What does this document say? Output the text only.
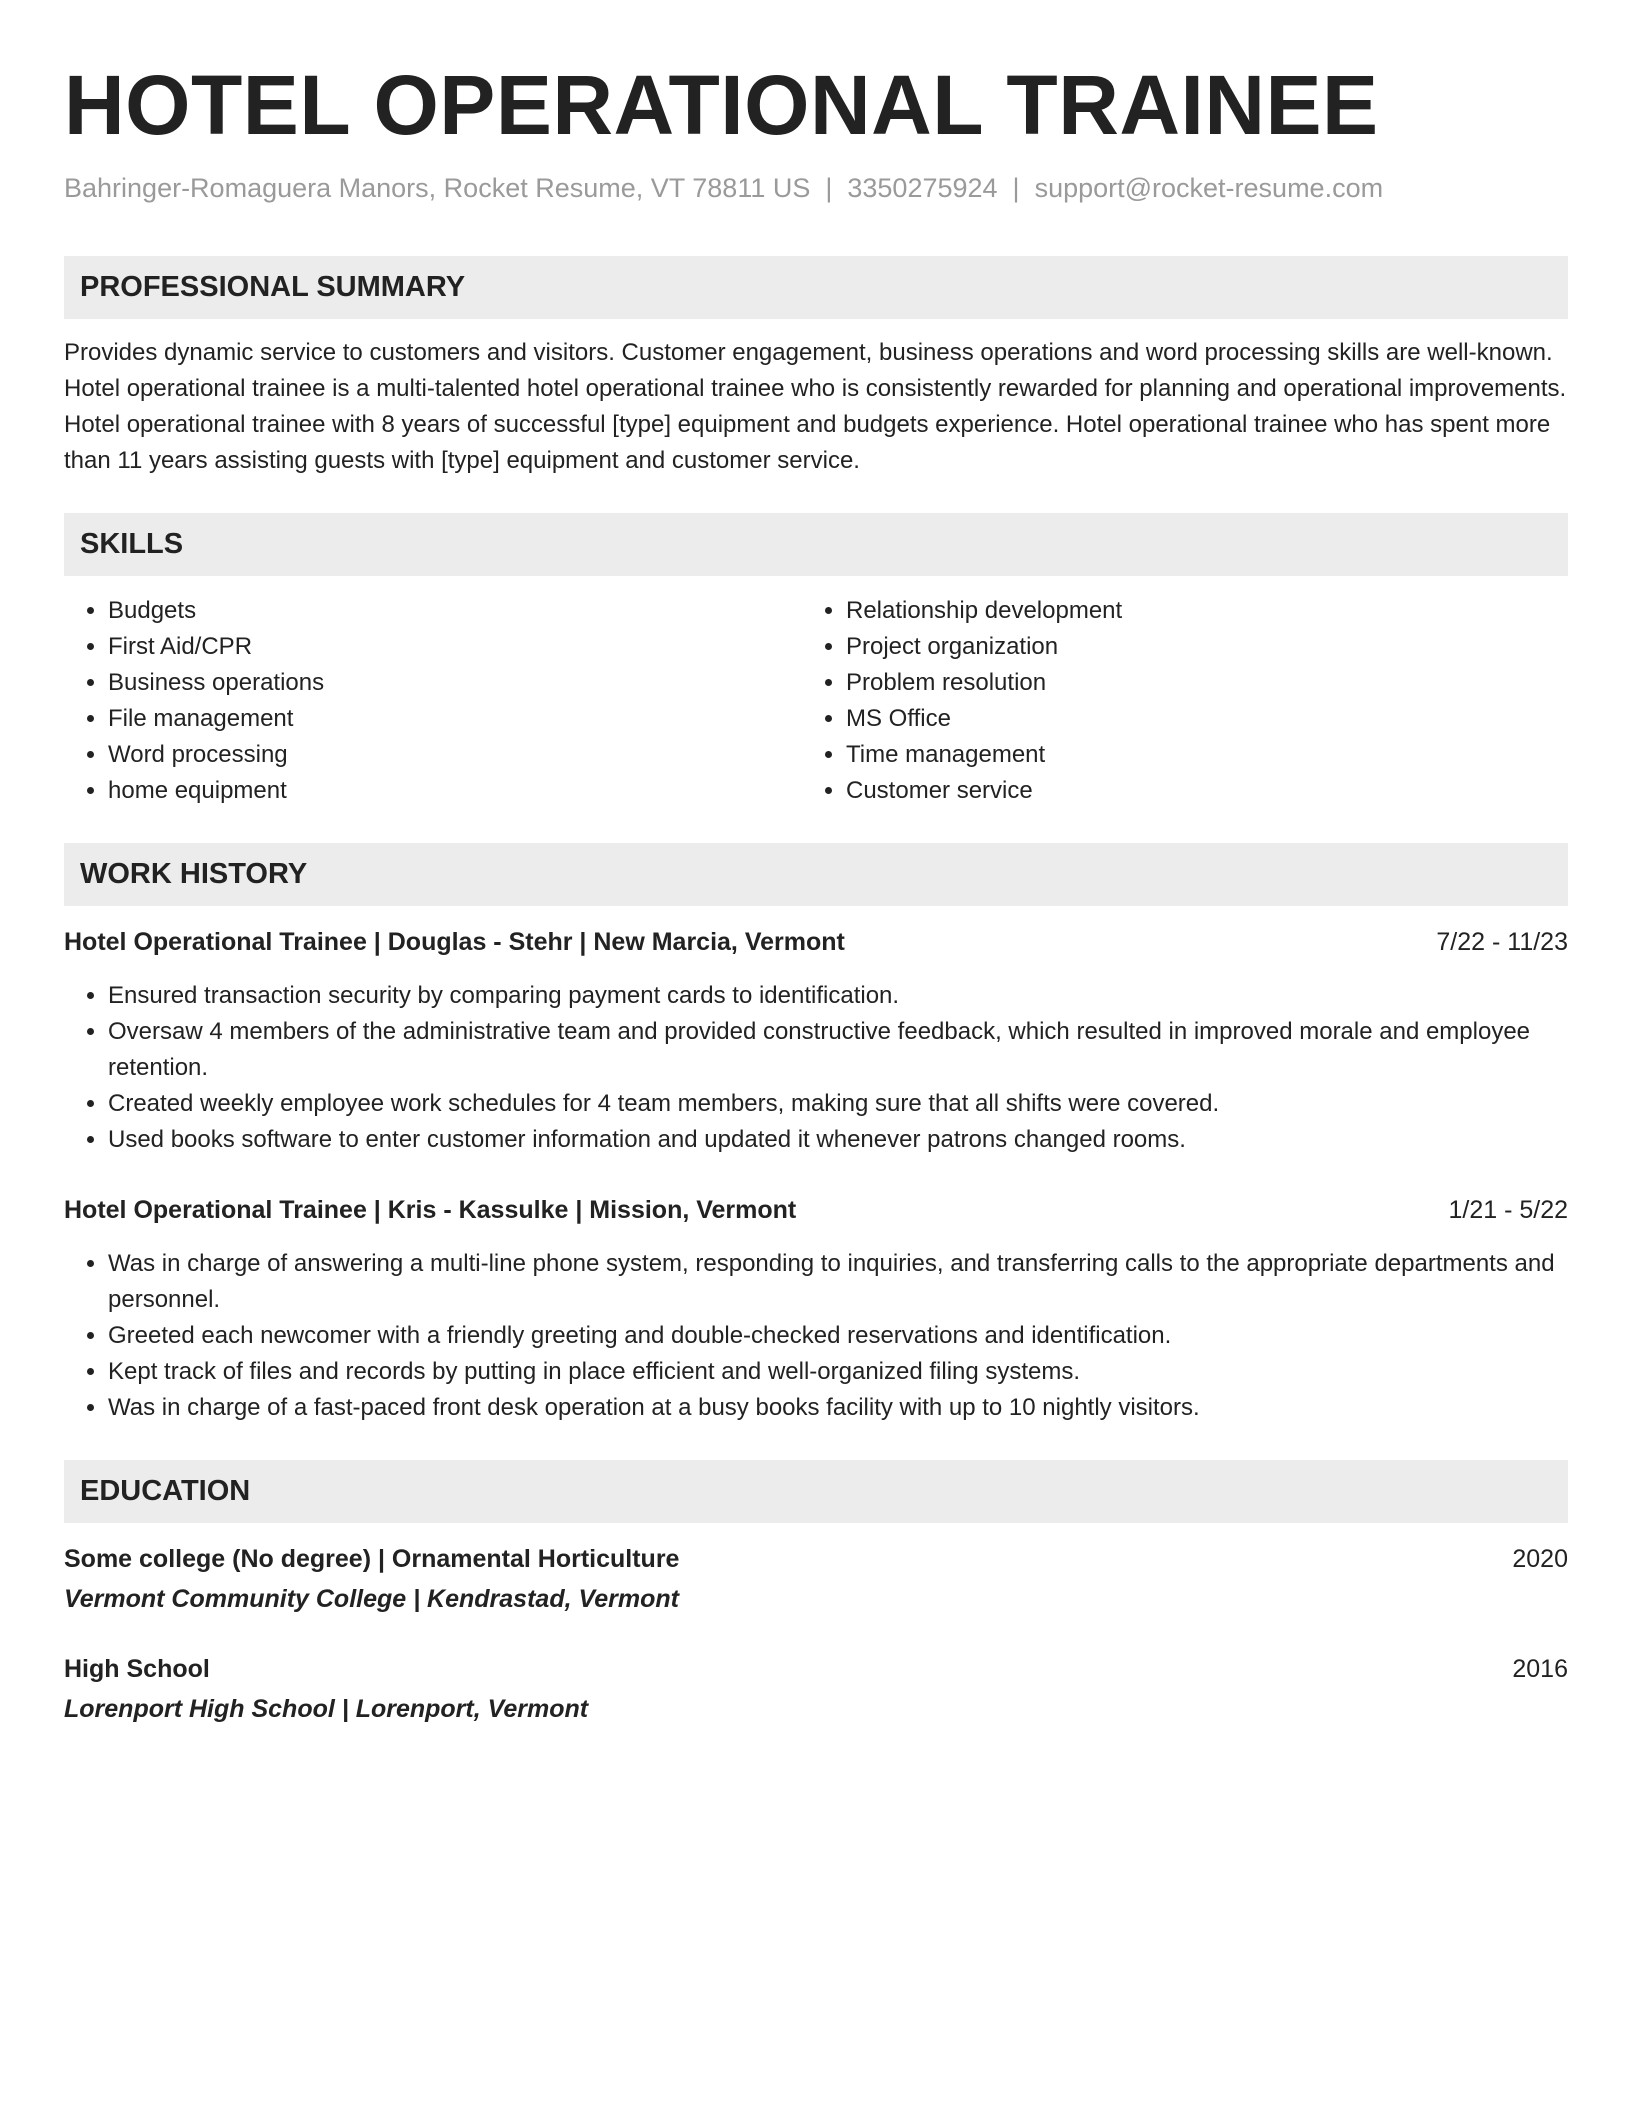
HOTEL OPERATIONAL TRAINEE
Bahringer-Romaguera Manors, Rocket Resume, VT 78811 US | 3350275924 | support@rocket-resume.com
PROFESSIONAL SUMMARY
Provides dynamic service to customers and visitors. Customer engagement, business operations and word processing skills are well-known. Hotel operational trainee is a multi-talented hotel operational trainee who is consistently rewarded for planning and operational improvements. Hotel operational trainee with 8 years of successful [type] equipment and budgets experience. Hotel operational trainee who has spent more than 11 years assisting guests with [type] equipment and customer service.
SKILLS
• Budgets
• First Aid/CPR
• Business operations
• File management
• Word processing
• home equipment
• Relationship development
• Project organization
• Problem resolution
• MS Office
• Time management
• Customer service
WORK HISTORY
Hotel Operational Trainee | Douglas - Stehr | New Marcia, Vermont	7/22 - 11/23
• Ensured transaction security by comparing payment cards to identification.
• Oversaw 4 members of the administrative team and provided constructive feedback, which resulted in improved morale and employee retention.
• Created weekly employee work schedules for 4 team members, making sure that all shifts were covered.
• Used books software to enter customer information and updated it whenever patrons changed rooms.
Hotel Operational Trainee | Kris - Kassulke | Mission, Vermont	1/21 - 5/22
• Was in charge of answering a multi-line phone system, responding to inquiries, and transferring calls to the appropriate departments and personnel.
• Greeted each newcomer with a friendly greeting and double-checked reservations and identification.
• Kept track of files and records by putting in place efficient and well-organized filing systems.
• Was in charge of a fast-paced front desk operation at a busy books facility with up to 10 nightly visitors.
EDUCATION
Some college (No degree) | Ornamental Horticulture	2020
Vermont Community College | Kendrastad, Vermont
High School	2016
Lorenport High School | Lorenport, Vermont
